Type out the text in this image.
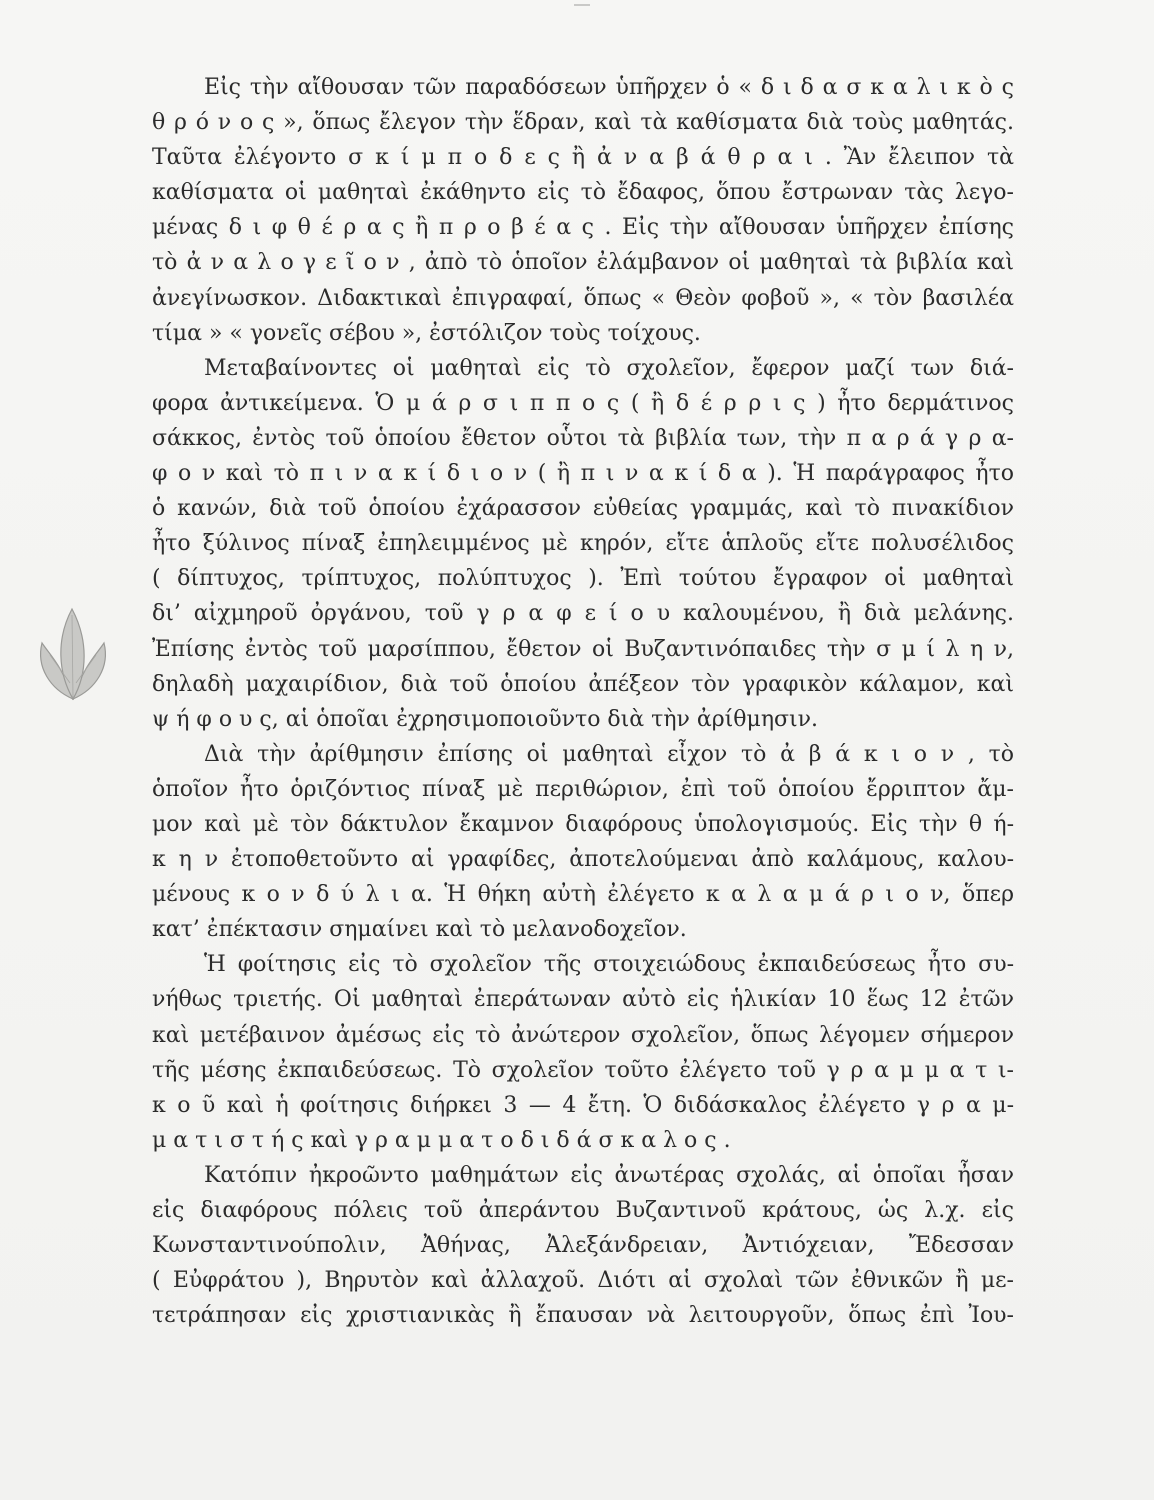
Εἰς τὴν αἴθουσαν τῶν παραδόσεων ὑπῆρχεν ὁ « δ ι δ α σ κ α λ ι κ ὸ ς
θ ρ ό ν ο ς », ὅπως ἔλεγον τὴν ἕδραν, καὶ τὰ καθίσματα διὰ τοὺς μαθητάς.
Ταῦτα ἐλέγοντο σ κ ί μ π ο δ ε ς ἢ ἀ ν α β ά θ ρ α ι . Ἂν ἔλειπον τὰ
καθίσματα οἱ μαθηταὶ ἐκάθηντο εἰς τὸ ἔδαφος, ὅπου ἔστρωναν τὰς λεγο-
μένας δ ι φ θ έ ρ α ς ἢ π ρ ο β έ α ς . Εἰς τὴν αἴθουσαν ὑπῆρχεν ἐπίσης
τὸ ἀ ν α λ ο γ ε ῖ ο ν , ἀπὸ τὸ ὁποῖον ἐλάμβανον οἱ μαθηταὶ τὰ βιβλία καὶ
ἀνεγίνωσκον. Διδακτικαὶ ἐπιγραφαί, ὅπως « Θεὸν φοβοῦ », « τὸν βασιλέα
τίμα » « γονεῖς σέβου », ἐστόλιζον τοὺς τοίχους.
Μεταβαίνοντες οἱ μαθηταὶ εἰς τὸ σχολεῖον, ἔφερον μαζί των διά-
φορα ἀντικείμενα. Ὁ μ ά ρ σ ι π π ο ς ( ἢ δ έ ρ ρ ι ς ) ἦτο δερμάτινος
σάκκος, ἐντὸς τοῦ ὁποίου ἔθετον οὗτοι τὰ βιβλία των, τὴν π α ρ ά γ ρ α-
φ ο ν καὶ τὸ π ι ν α κ ί δ ι ο ν ( ἢ π ι ν α κ ί δ α ). Ἡ παράγραφος ἦτο
ὁ κανών, διὰ τοῦ ὁποίου ἐχάρασσον εὐθείας γραμμάς, καὶ τὸ πινακίδιον
ἦτο ξύλινος πίναξ ἐπηλειμμένος μὲ κηρόν, εἴτε ἁπλοῦς εἴτε πολυσέλιδος
( δίπτυχος, τρίπτυχος, πολύπτυχος ). Ἐπὶ τούτου ἔγραφον οἱ μαθηταὶ
δι’ αἰχμηροῦ ὀργάνου, τοῦ γ ρ α φ ε ί ο υ καλουμένου, ἢ διὰ μελάνης.
Ἐπίσης ἐντὸς τοῦ μαρσίππου, ἔθετον οἱ Βυζαντινόπαιδες τὴν σ μ ί λ η ν,
δηλαδὴ μαχαιρίδιον, διὰ τοῦ ὁποίου ἀπέξεον τὸν γραφικὸν κάλαμον, καὶ
ψ ή φ ο υ ς, αἱ ὁποῖαι ἐχρησιμοποιοῦντο διὰ τὴν ἀρίθμησιν.
Διὰ τὴν ἀρίθμησιν ἐπίσης οἱ μαθηταὶ εἶχον τὸ ἀ β ά κ ι ο ν , τὸ
ὁποῖον ἦτο ὁριζόντιος πίναξ μὲ περιθώριον, ἐπὶ τοῦ ὁποίου ἔρριπτον ἄμ-
μον καὶ μὲ τὸν δάκτυλον ἔκαμνον διαφόρους ὑπολογισμούς. Εἰς τὴν θ ή-
κ η ν ἐτοποθετοῦντο αἱ γραφίδες, ἀποτελούμεναι ἀπὸ καλάμους, καλου-
μένους κ ο ν δ ύ λ ι α. Ἡ θήκη αὐτὴ ἐλέγετο κ α λ α μ ά ρ ι ο ν, ὅπερ
κατ’ ἐπέκτασιν σημαίνει καὶ τὸ μελανοδοχεῖον.
Ἡ φοίτησις εἰς τὸ σχολεῖον τῆς στοιχειώδους ἐκπαιδεύσεως ἦτο συ-
νήθως τριετής. Οἱ μαθηταὶ ἐπεράτωναν αὐτὸ εἰς ἡλικίαν 10 ἕως 12 ἐτῶν
καὶ μετέβαινον ἀμέσως εἰς τὸ ἀνώτερον σχολεῖον, ὅπως λέγομεν σήμερον
τῆς μέσης ἐκπαιδεύσεως. Τὸ σχολεῖον τοῦτο ἐλέγετο τοῦ γ ρ α μ μ α τ ι-
κ ο ῦ καὶ ἡ φοίτησις διήρκει 3 — 4 ἔτη. Ὁ διδάσκαλος ἐλέγετο γ ρ α μ-
μ α τ ι σ τ ή ς καὶ γ ρ α μ μ α τ ο δ ι δ ά σ κ α λ ο ς .
Κατόπιν ἠκροῶντο μαθημάτων εἰς ἀνωτέρας σχολάς, αἱ ὁποῖαι ἦσαν
εἰς διαφόρους πόλεις τοῦ ἀπεράντου Βυζαντινοῦ κράτους, ὡς λ.χ. εἰς
Κωνσταντινούπολιν, Ἀθήνας, Ἀλεξάνδρειαν, Ἀντιόχειαν, Ἔδεσσαν
( Εὐφράτου ), Βηρυτὸν καὶ ἀλλαχοῦ. Διότι αἱ σχολαὶ τῶν ἐθνικῶν ἢ με-
τετράπησαν εἰς χριστιανικὰς ἢ ἔπαυσαν νὰ λειτουργοῦν, ὅπως ἐπὶ Ἰου-
